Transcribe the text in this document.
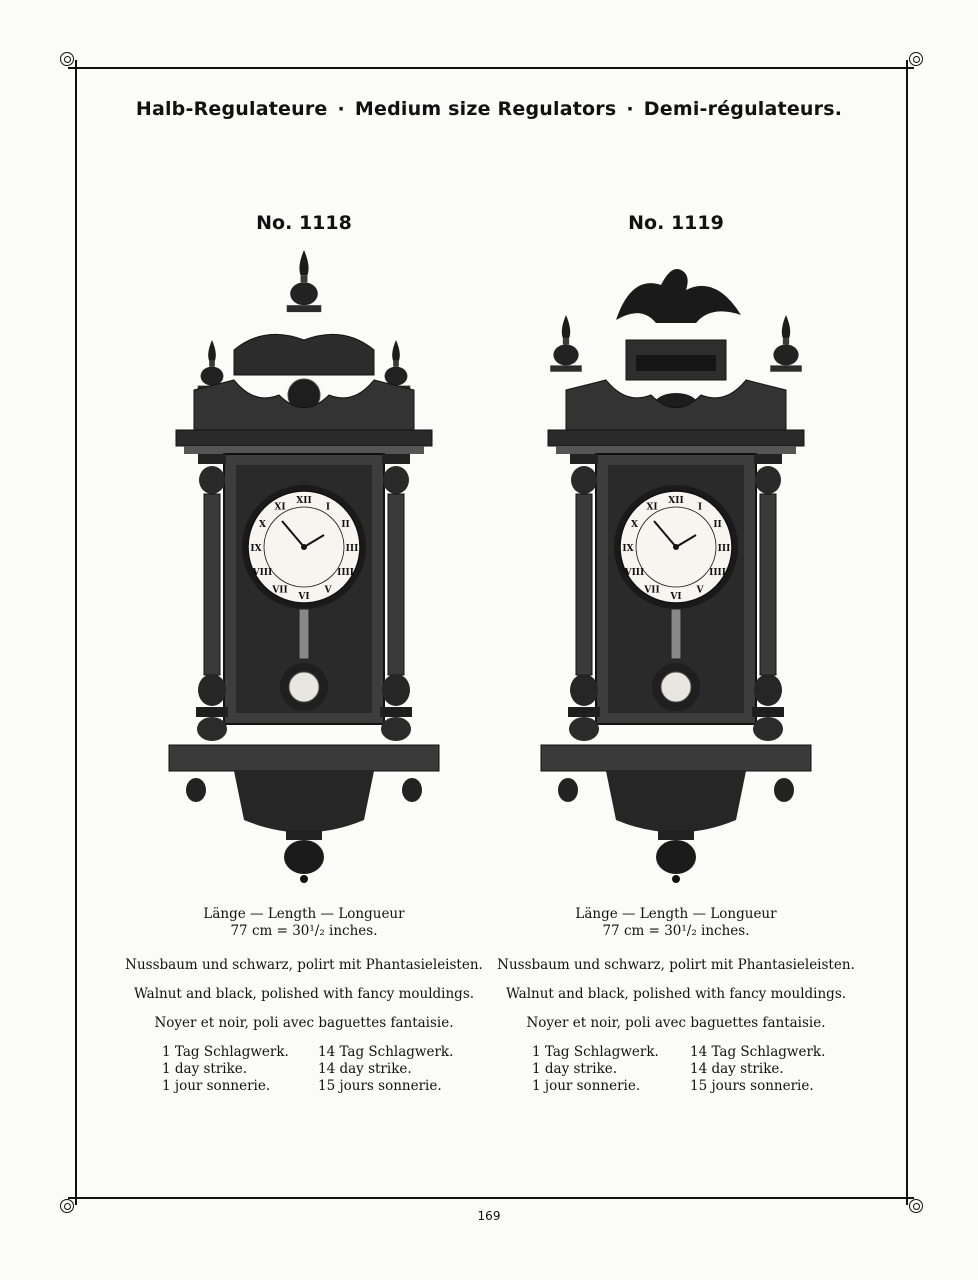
Halb-Regulateure · Medium size Regulators · Demi-régulateurs.
No. 1118
XII
I
II
III
IIII
V
VI
VII
VIII
IX
X
XI
Länge — Length — Longueur
77 cm = 30¹/₂ inches.
Nussbaum und schwarz, polirt mit Phantasieleisten.
Walnut and black, polished with fancy mouldings.
Noyer et noir, poli avec baguettes fantaisie.
1 Tag Schlagwerk.
1 day strike.
1 jour sonnerie.
14 Tag Schlagwerk.
14 day strike.
15 jours sonnerie.
No. 1119
XII
I
II
III
IIII
V
VI
VII
VIII
IX
X
XI
Länge — Length — Longueur
77 cm = 30¹/₂ inches.
Nussbaum und schwarz, polirt mit Phantasieleisten.
Walnut and black, polished with fancy mouldings.
Noyer et noir, poli avec baguettes fantaisie.
1 Tag Schlagwerk.
1 day strike.
1 jour sonnerie.
14 Tag Schlagwerk.
14 day strike.
15 jours sonnerie.
169
